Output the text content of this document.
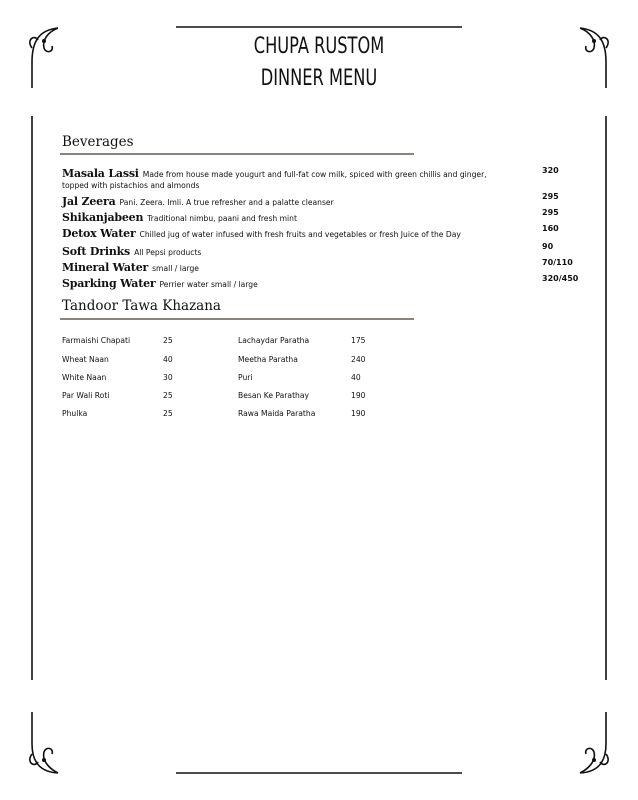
CHUPA RUSTOM
DINNER MENU
Beverages
Masala Lassi Made from house made yougurt and full-fat cow milk, spiced with green chillis and ginger,
topped with pistachios and almonds
320
Jal Zeera Pani. Zeera. Imli. A true refresher and a palatte cleanser
295
Shikanjabeen Traditional nimbu, paani and fresh mint
295
Detox Water Chilled jug of water infused with fresh fruits and vegetables or fresh Juice of the Day
160
Soft Drinks All Pepsi products
90
Mineral Water small / large
70/110
Sparking Water Perrier water small / large
320/450
Tandoor Tawa Khazana
Farmaishi Chapati	25
Wheat Naan	40
White Naan	30
Par Wali Roti	25
Phulka	25
Lachaydar Paratha	175
Meetha Paratha	240
Puri	40
Besan Ke Parathay	190
Rawa Maida Paratha	190
